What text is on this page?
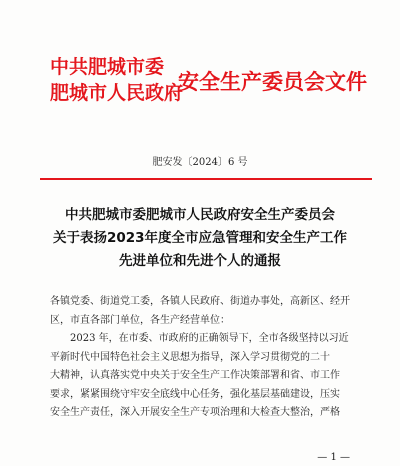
中共肥城市委
肥城市人民政府
安全生产委员会文件
肥安发〔2024〕6 号
中共肥城市委肥城市人民政府安全生产委员会
关于表扬2023年度全市应急管理和安全生产工作
先进单位和先进个人的通报
各镇党委、街道党工委，各镇人民政府、街道办事处，高新区、经开
区，市直各部门单位，各生产经营单位：
2023 年，在市委、市政府的正确领导下，全市各级坚持以习近
平新时代中国特色社会主义思想为指导，深入学习贯彻党的二十
大精神，认真落实党中央关于安全生产工作决策部署和省、市工作
要求，紧紧围绕守牢安全底线中心任务，强化基层基础建设，压实
安全生产责任，深入开展安全生产专项治理和大检查大整治，严格
— 1 —
